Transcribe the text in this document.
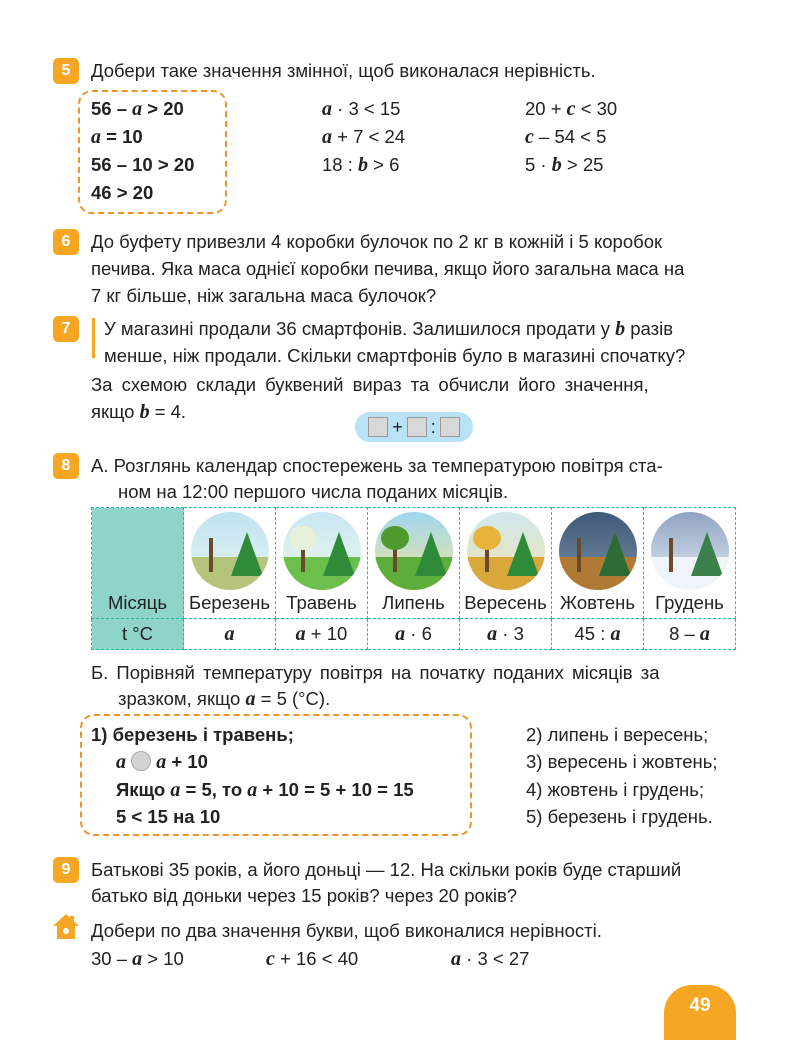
5	Добери таке значення змінної, щоб виконалася нерівність.
56 – a > 20
a = 10
56 – 10 > 20
46 > 20
a · 3 < 15
a + 7 < 24
18 : b > 6
20 + c < 30
c – 54 < 5
5 · b > 25
6	До буфету привезли 4 коробки булочок по 2 кг в кожній і 5 коробок
печива. Яка маса однієї коробки печива, якщо його загальна маса на
7 кг більше, ніж загальна маса булочок?
7	У магазині продали 36 смартфонів. Залишилося продати у b разів
менше, ніж продали. Скільки смартфонів було в магазині спочатку?
За схемою склади буквений вираз та обчисли його значення,
якщо b = 4.
+ :
8	А. Розглянь календар спостережень за температурою повітря ста-
ном на 12:00 першого числа поданих місяців.
Місяць	Березень	Травень	Липень	Вересень	Жовтень	Грудень

t °C	a	a + 10	a · 6	a · 3	45 : a	8 – a
Б. Порівняй температуру повітря на початку поданих місяців за
зразком, якщо a = 5 (°С).
1) березень і травень;
a a + 10
Якщо a = 5, то a + 10 = 5 + 10 = 15
5 < 15 на 10
2) липень і вересень;
3) вересень і жовтень;
4) жовтень і грудень;
5) березень і грудень.
9	Батькові 35 років, а його доньці — 12. На скільки років буде старший
батько від доньки через 15 років? через 20 років?
Добери по два значення букви, щоб виконалися нерівності.
30 – a > 10	c + 16 < 40	a · 3 < 27
49
